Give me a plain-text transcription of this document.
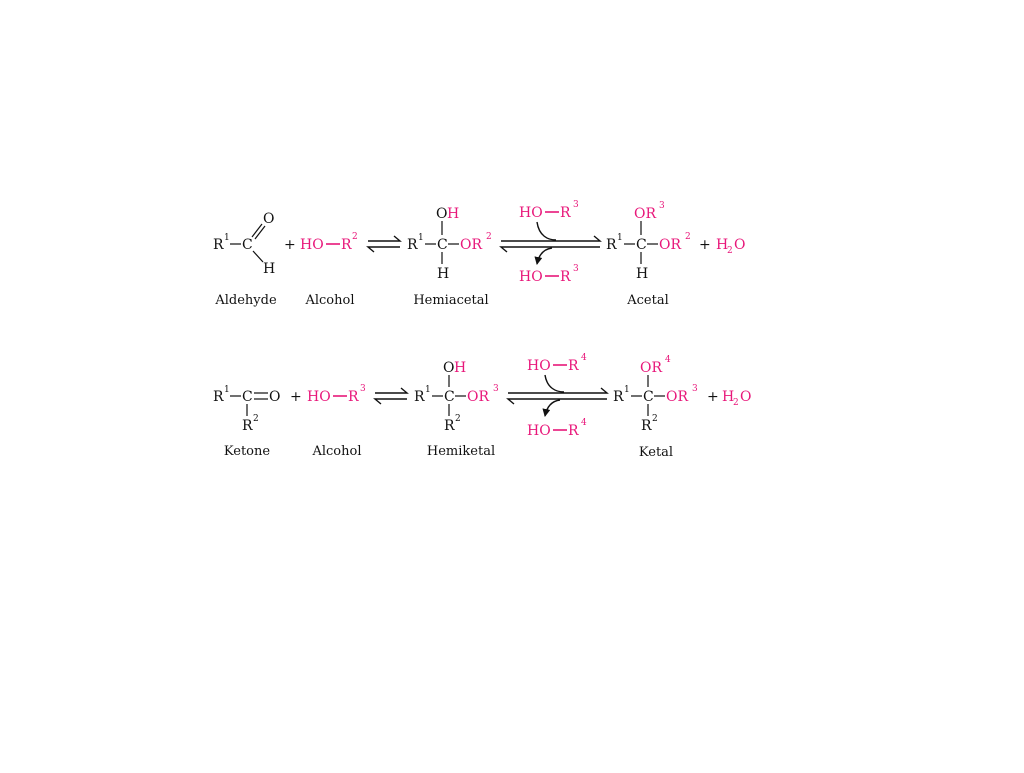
R 1 C
O
H
Aldehyde
+ HO R 2
Alcohol
R 1 C
O H
OR 2
H
Hemiacetal
HO R 3
HO R 3
R 1 C
OR 3
OR 2
H
Acetal
+ H
2 O
R 1 C O
R 2
Ketone
+ HO R 3
Alcohol
R 1 C
O H
OR 3
R 2
Hemiketal
HO R 4
HO R 4
R 1 C
OR 4
OR 3
R 2
Ketal
+ H
2 O
